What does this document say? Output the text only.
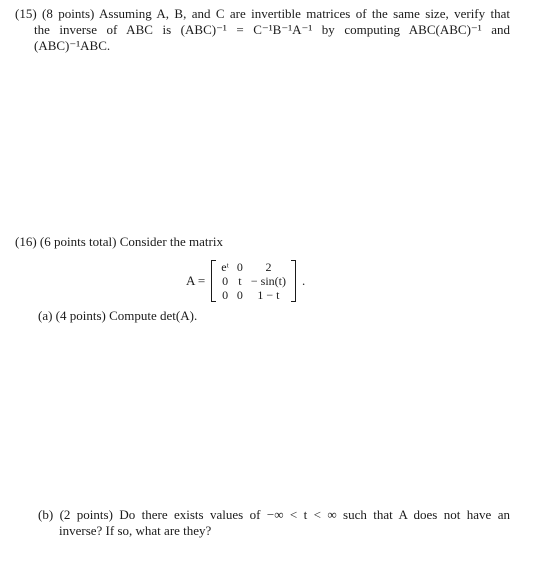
(15) (8 points) Assuming A, B, and C are invertible matrices of the same size, verify that
the inverse of ABC is (ABC)⁻¹ = C⁻¹B⁻¹A⁻¹ by computing ABC(ABC)⁻¹ and
(ABC)⁻¹ABC.
(16) (6 points total) Consider the matrix
A =
eᵗ	0	2
0	t	− sin(t)
0	0	1 − t
.
(a) (4 points) Compute det(A).
(b) (2 points) Do there exists values of −∞ < t < ∞ such that A does not have an
inverse? If so, what are they?
